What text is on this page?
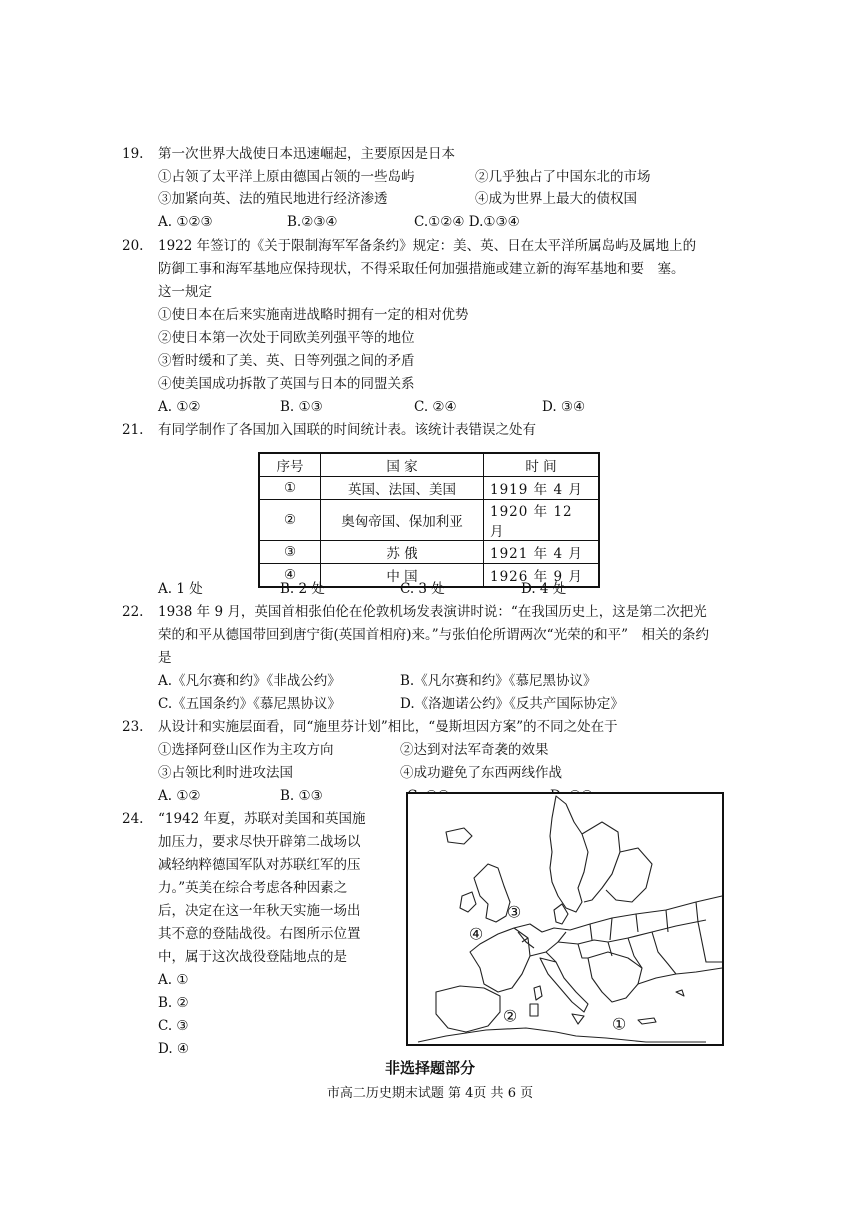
19. 第一次世界大战使日本迅速崛起，主要原因是日本
①占领了太平洋上原由德国占领的一些岛屿	②几乎独占了中国东北的市场
③加紧向英、法的殖民地进行经济渗透	④成为世界上最大的债权国
A. ①②③	B.②③④	C.①②④ D.①③④
20. 1922 年签订的《关于限制海军军备条约》规定：美、英、日在太平洋所属岛屿及属地上的
防御工事和海军基地应保持现状，不得采取任何加强措施或建立新的海军基地和要　塞。
这一规定
①使日本在后来实施南进战略时拥有一定的相对优势
②使日本第一次处于同欧美列强平等的地位
③暂时缓和了美、英、日等列强之间的矛盾
④使美国成功拆散了英国与日本的同盟关系
A. ①②	B. ①③	C. ②④	D. ③④
21. 有同学制作了各国加入国联的时间统计表。该统计表错误之处有
序号	国 家	时 间
①	英国、法国、美国	1919 年 4 月
②	奥匈帝国、保加利亚	1920 年 12 月
③	苏 俄	1921 年 4 月
④	中 国	1926 年 9 月
A. 1 处	B. 2 处	C. 3 处	D. 4 处
22. 1938 年 9 月，英国首相张伯伦在伦敦机场发表演讲时说：“在我国历史上，这是第二次把光
荣的和平从德国带回到唐宁街(英国首相府)来。”与张伯伦所谓两次“光荣的和平”　相关的条约
是
A.《凡尔赛和约》《非战公约》	B.《凡尔赛和约》《慕尼黑协议》
C.《五国条约》《慕尼黑协议》	D.《洛迦诺公约》《反共产国际协定》
23. 从设计和实施层面看，同“施里芬计划”相比，“曼斯坦因方案”的不同之处在于
①选择阿登山区作为主攻方向	②达到对法军奇袭的效果
③占领比利时进攻法国	④成功避免了东西两线作战
A. ①②	B. ①③
24. “1942 年夏，苏联对美国和英国施
加压力，要求尽快开辟第二战场以
减轻纳粹德国军队对苏联红军的压
力。”英美在综合考虑各种因素之
后，决定在这一年秋天实施一场出
其不意的登陆战役。右图所示位置
中，属于这次战役登陆地点的是
A. ①
B. ②
C. ③
D. ④
③
④
②	①
非选择题部分
市高二历史期末试题 第 4页 共 6 页
